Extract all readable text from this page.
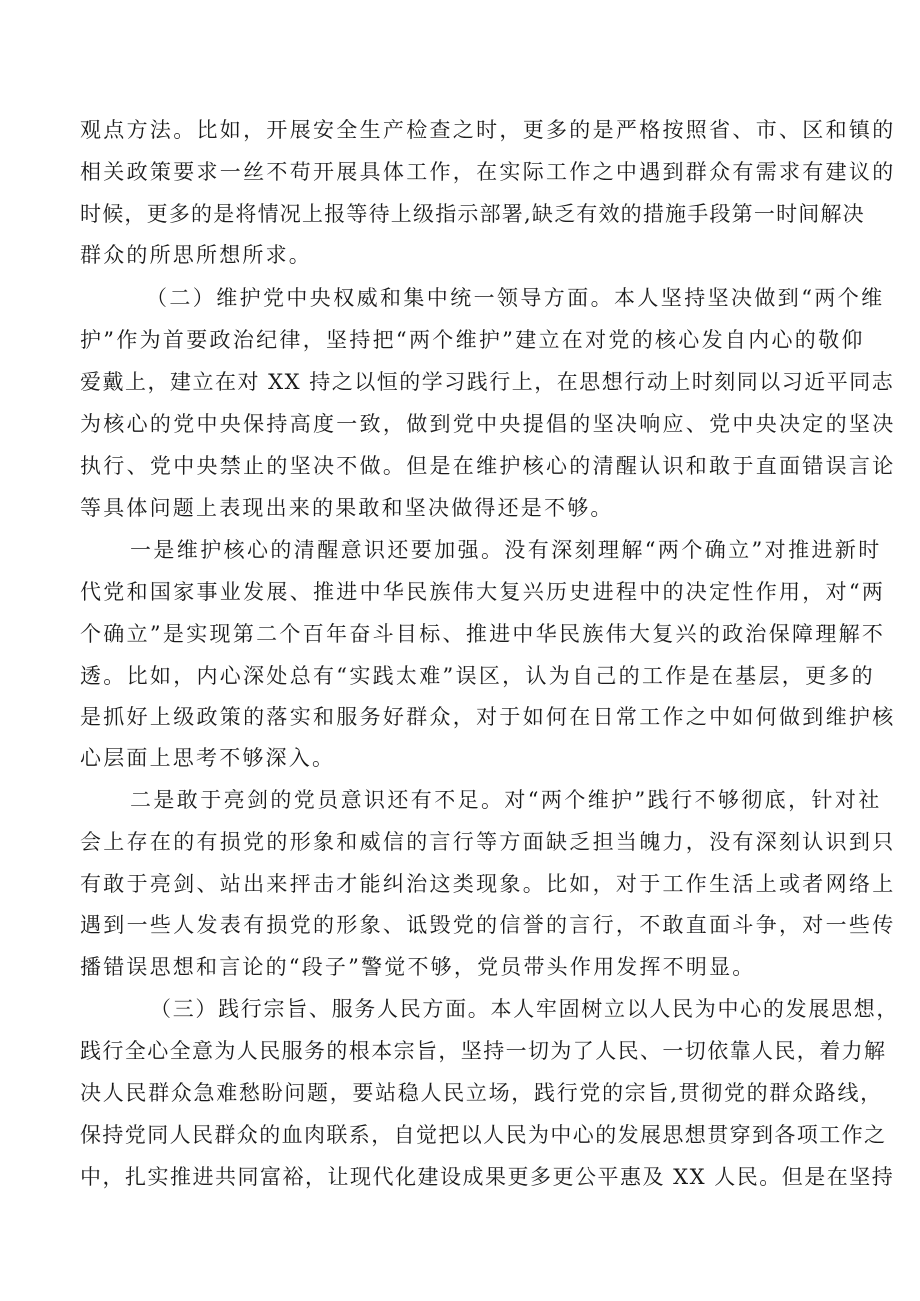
观点方法。比如，开展安全生产检查之时，更多的是严格按照省、市、区和镇的
相关政策要求一丝不苟开展具体工作，在实际工作之中遇到群众有需求有建议的
时候，更多的是将情况上报等待上级指示部署,缺乏有效的措施手段第一时间解决
群众的所思所想所求。
（二）维护党中央权威和集中统一领导方面。本人坚持坚决做到“两个维
护”作为首要政治纪律，坚持把“两个维护”建立在对党的核心发自内心的敬仰
爱戴上，建立在对 XX 持之以恒的学习践行上，在思想行动上时刻同以习近平同志
为核心的党中央保持高度一致，做到党中央提倡的坚决响应、党中央决定的坚决
执行、党中央禁止的坚决不做。但是在维护核心的清醒认识和敢于直面错误言论
等具体问题上表现出来的果敢和坚决做得还是不够。
一是维护核心的清醒意识还要加强。没有深刻理解“两个确立”对推进新时
代党和国家事业发展、推进中华民族伟大复兴历史进程中的决定性作用，对“两
个确立”是实现第二个百年奋斗目标、推进中华民族伟大复兴的政治保障理解不
透。比如，内心深处总有“实践太难”误区，认为自己的工作是在基层，更多的
是抓好上级政策的落实和服务好群众，对于如何在日常工作之中如何做到维护核
心层面上思考不够深入。
二是敢于亮剑的党员意识还有不足。对“两个维护”践行不够彻底，针对社
会上存在的有损党的形象和威信的言行等方面缺乏担当魄力，没有深刻认识到只
有敢于亮剑、站出来抨击才能纠治这类现象。比如，对于工作生活上或者网络上
遇到一些人发表有损党的形象、诋毁党的信誉的言行，不敢直面斗争，对一些传
播错误思想和言论的“段子”警觉不够，党员带头作用发挥不明显。
（三）践行宗旨、服务人民方面。本人牢固树立以人民为中心的发展思想，
践行全心全意为人民服务的根本宗旨，坚持一切为了人民、一切依靠人民，着力解
决人民群众急难愁盼问题，要站稳人民立场，践行党的宗旨,贯彻党的群众路线，
保持党同人民群众的血肉联系，自觉把以人民为中心的发展思想贯穿到各项工作之
中，扎实推进共同富裕，让现代化建设成果更多更公平惠及 XX 人民。但是在坚持
